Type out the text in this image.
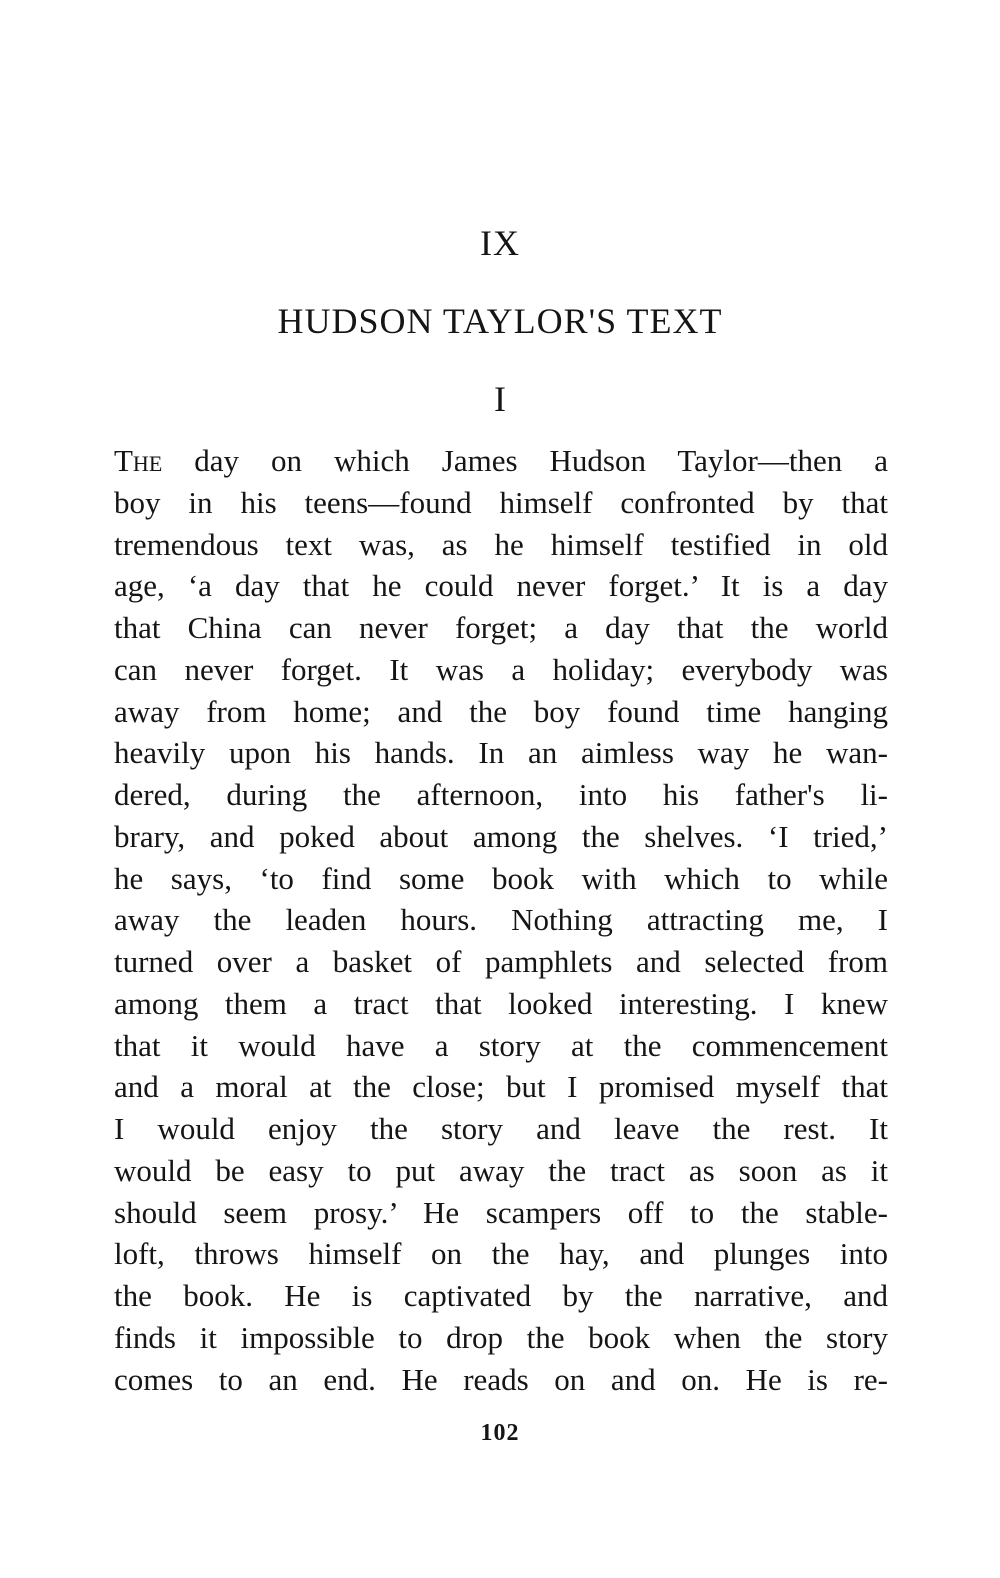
IX
HUDSON TAYLOR'S TEXT
I
The day on which James Hudson Taylor—then a
boy in his teens—found himself confronted by that
tremendous text was, as he himself testified in old
age, ‘a day that he could never forget.’ It is a day
that China can never forget; a day that the world
can never forget. It was a holiday; everybody was
away from home; and the boy found time hanging
heavily upon his hands. In an aimless way he wan-
dered, during the afternoon, into his father's li-
brary, and poked about among the shelves. ‘I tried,’
he says, ‘to find some book with which to while
away the leaden hours. Nothing attracting me, I
turned over a basket of pamphlets and selected from
among them a tract that looked interesting. I knew
that it would have a story at the commencement
and a moral at the close; but I promised myself that
I would enjoy the story and leave the rest. It
would be easy to put away the tract as soon as it
should seem prosy.’ He scampers off to the stable-
loft, throws himself on the hay, and plunges into
the book. He is captivated by the narrative, and
finds it impossible to drop the book when the story
comes to an end. He reads on and on. He is re-
102
